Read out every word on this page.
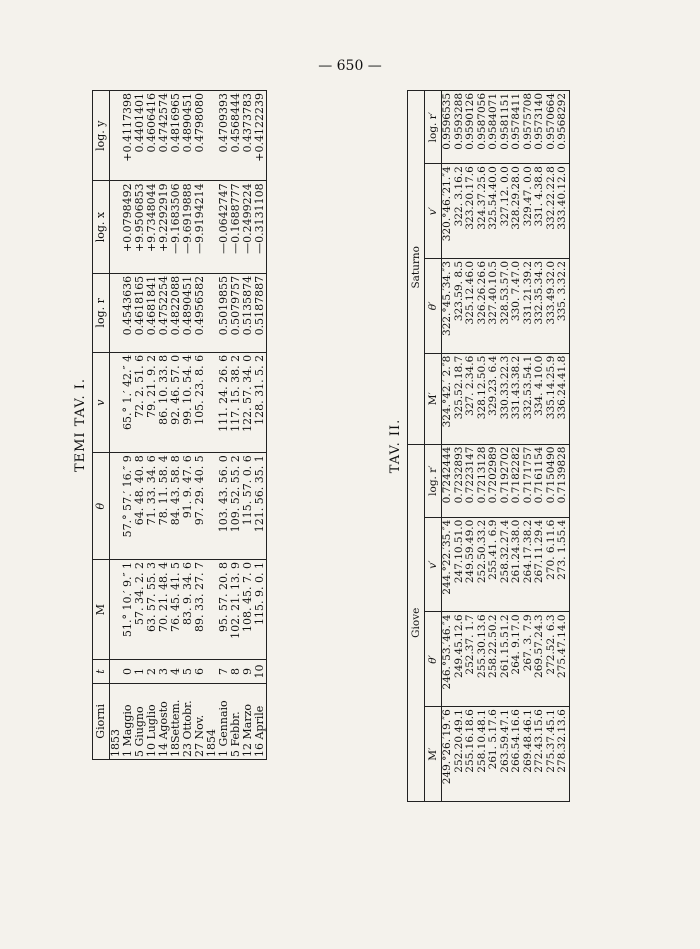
— 650 —
TEMI TAV. I.
Giorni	t	M	θ	v	log. r	log. x	log. y
1853							
1 Maggio	0	51.° 10.′ 9.″ 1	57.° 57.′ 16.″ 9	65.° 1.′ 42.″ 4	0.4543636	+0.0798492	+0.4117398
5 Giugno	1	57. 34. 2. 2	64. 48. 40. 8	72. 2. 51. 6	0.4618165	+9.9506853	0.4401401
10 Luglio	2	63. 57. 55. 3	71. 33. 34. 6	79. 21. 9. 2	0.4681841	+9.7348044	0.4606416
14 Agosto	3	70. 21. 48. 4	78. 11. 58. 4	86. 10. 33. 8	0.4752254	+9.2292919	0.4742574
18Settem.	4	76. 45. 41. 5	84. 43. 58. 8	92. 46. 57. 0	0.4822088	—9.1683506	0.4816965
23 Ottobr.	5	83. 9. 34. 6	91. 9. 47. 6	99. 10. 54. 4	0.4890451	—9.6919888	0.4890451
27 Nov.	6	89. 33. 27. 7	97. 29. 40. 5	105. 23. 8. 6	0.4956582	—9.9194214	0.4798080
1854							
1 Gennaio	7	95. 57. 20. 8	103. 43. 56. 0	111. 24. 26. 6	0.5019855	—0.0642747	0.4709393
5 Febbr.	8	102. 21. 13. 9	109. 52. 55. 2	117. 15. 38. 2	0.5079757	—0.1688777	0.4568444
12 Marzo	9	108. 45. 7. 0	115. 57. 0. 6	122. 57. 34. 0	0.5135874	—0.2499224	0.4373783
16 Aprile	10	115. 9. 0. 1	121. 56. 35. 1	128. 31. 5. 2	0.5187887	—0.3131108	+0.4122239
TAV. II.
Giove				Saturno			
M′	θ′	v′	log. r′	M′	θ′	v′	log. r′
249.°26.′19.″6	246.°53.′46.″4	244.°22.′35.″4	0.7242444	324.°42.′ 2.″8	322.°45.′34.″3	320.°46.′21.″4	0.9596535
252.20.49.1	249.45.12.6	247.10.51.0	0.7232893	325.52.18.7	323.59. 8.5	322. 3.16.2	0.9593288
255.16.18.6	252.37. 1.7	249.59.49.0	0.7223147	327. 2.34.6	325.12.46.0	323.20.17.6	0.9590126
258.10.48.1	255.30.13.6	252.50.33.2	0.7213128	328.12.50.5	326.26.26.6	324.37.25.6	0.9587056
261. 5.17.6	258.22.50.2	255.41. 6.9	0.7202989	329.23. 6.4	327.40.10.5	325.54.40.0	0.9584071
263.59.47.1	261.15.51.2	258.32.27.4	0.7192702	330.33.22.3	328.53.57.0	327.12. 0.0	0.9581151
266.54.16.6	264. 9.17.0	261.24.38.0	0.7182282	331.43.38.2	330. 7.47.0	328.29.28.0	0.9578411
269.48.46.1	267. 3. 7.9	264.17.38.2	0.7171757	332.53.54.1	331.21.39.2	329.47. 0.0	0.9575708
272.43.15.6	269.57.24.3	267.11.29.4	0.7161154	334. 4.10.0	332.35.34.3	331. 4.38.8	0.9573140
275.37.45.1	272.52. 6.3	270. 6.11.6	0.7150490	335.14.25.9	333.49.32.0	332.22.22.8	0.9570664
278.32.13.6	275.47.14.0	273. 1.55.4	0.7139828	336.24.41.8	335. 3.32.2	333.40.12.0	0.9568292
